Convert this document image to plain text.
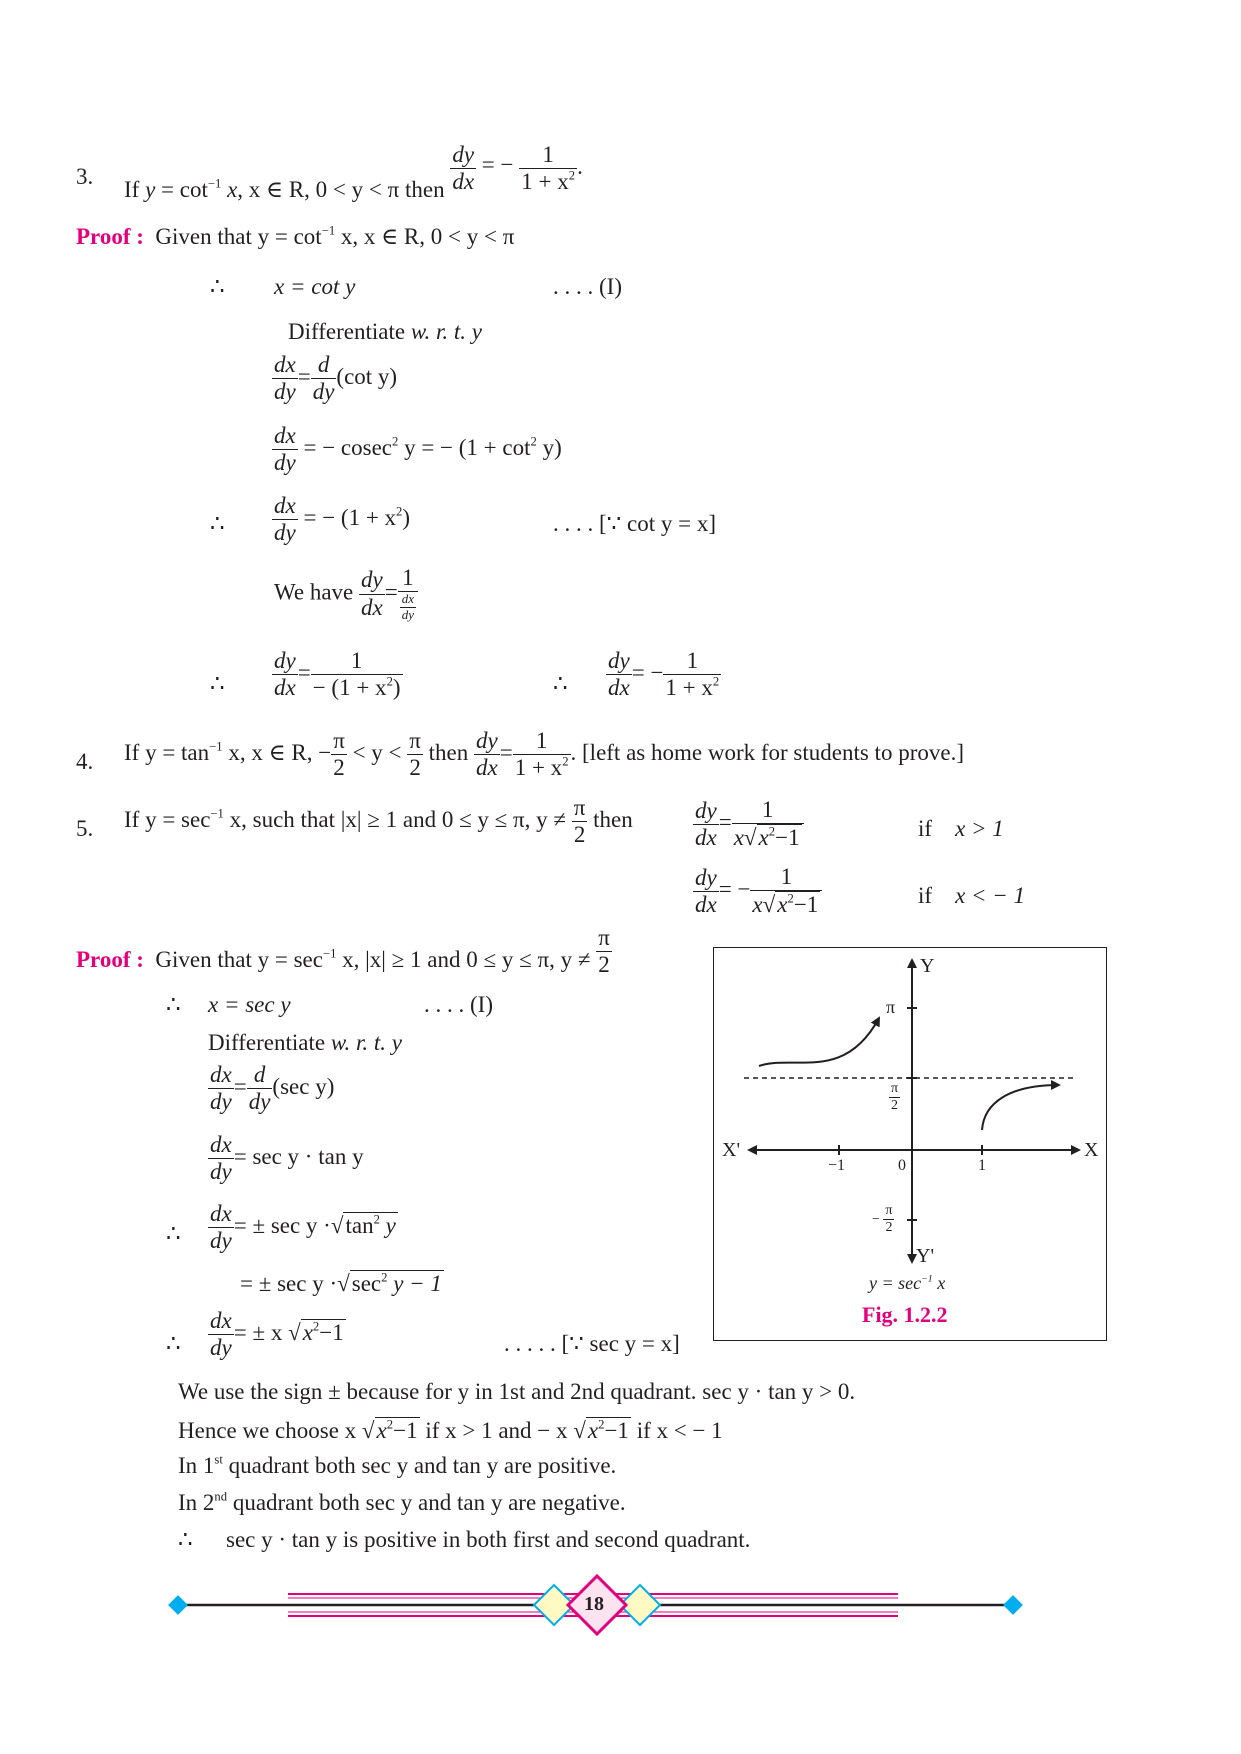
3.
If $y = \cot^{-1} x$, x ∈ R, 0 < y < π then $\frac{dy}{dx}$ = − $\frac{1}{1 + x^2}$ .
Proof : Given that $y = \cot^{-1} x$, x ∈ R, 0 < y < π
∴ x = cot y	. . . . (I)
Differentiate w. r. t. y
$\frac{dx}{dy} = \frac{d}{dy} (\cot$ y)
$\frac{dx}{dy}$ = − cosec$^2$ y = − $(1 + \cot^2 y)$
∴ $\frac{dx}{dy}$ = − $(1 + x^2)$	. . . . [∵ cot y = x]
We have $\frac{dy}{dx} = \frac{1}{\frac{dx}{dy}}$
∴ $\frac{dy}{dx} = \frac{1}{- (1 + x^2)}$	∴ $\frac{dy}{dx}$ = − $\frac{1}{1 + x^2}$
4. If $y = \tan^{-1} x$, x ∈ R, − $\frac{\pi}{2} < y < \frac{\pi}{2}$ then $\frac{dy}{dx} = \frac{1}{1 + x^2}$ . [left as home work for students to prove.]
5. If $y = \sec^{-1} x$, such that |x| ≥ 1 and 0 ≤ y ≤ π, $y \ne \frac{\pi}{2}$ then	$\frac{dy}{dx} = \frac{1}{x√x^2-1}$	if x > 1
$\frac{dy}{dx}$ = − $\frac{1}{x√x^2-1}$	if x < − 1
Proof : Given that $y = \sec^{-1} x$, |x| ≥ 1 and 0 ≤ y ≤ π, $y \ne \frac{\pi}{2}$
∴ x = sec y	. . . . (I)
Differentiate w. r. t. y
$\frac{dx}{dy} = \frac{d}{dy} (\sec$ y)
$\frac{dx}{dy} = \sec y \cdot \tan y$
∴ $\frac{dx}{dy}$ = ± $\sec y \cdot√\tan^2$ y
= ± $\sec y \cdot√\sec^2$ y − 1
∴ $\frac{dx}{dy}$ = ± x $√x^2-1$	. . . . . [∵ sec y = x]
We use the sign ± because for y in 1st and 2nd quadrant. sec y · tan y > 0.
Hence we choose x $√x^2-1$ if x > 1 and − x $√x^2-1$ if x < − 1
In 1st quadrant both sec y and tan y are positive.
In 2nd quadrant both sec y and tan y are negative.
∴ sec y · tan y is positive in both first and second quadrant.
Y
Y'
X
X'
π
$\frac{\pi}{2}$
− $\frac{\pi}{2}$
−1	0	1
$y = \sec^{-1} x$
Fig. 1.2.2
18
